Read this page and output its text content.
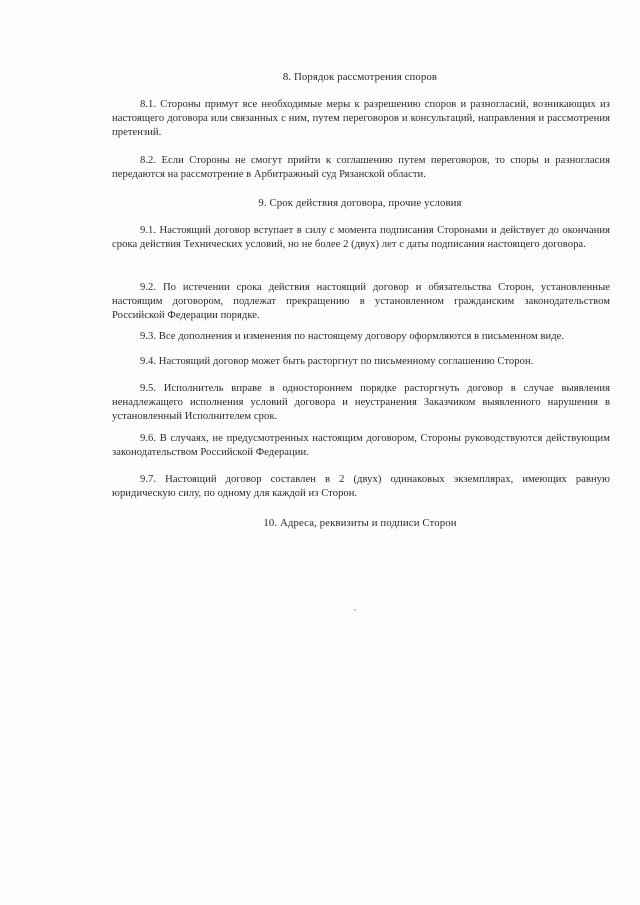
8. Порядок рассмотрения споров
8.1. Стороны примут все необходимые меры к разрешению споров и разногласий, возникающих из настоящего договора или связанных с ним, путем переговоров и консультаций, направления и рассмотрения претензий.
8.2. Если Стороны не смогут прийти к соглашению путем переговоров, то споры и разногласия передаются на рассмотрение в Арбитражный суд Рязанской области.
9. Срок действия договора, прочие условия
9.1. Настоящий договор вступает в силу с момента подписания Сторонами и действует до окончания срока действия Технических условий, но не более 2 (двух) лет с даты подписания настоящего договора.
9.2. По истечении срока действия настоящий договор и обязательства Сторон, установленные настоящим договором, подлежат прекращению в установленном гражданским законодательством Российской Федерации порядке.
9.3. Все дополнения и изменения по настоящему договору оформляются в письменном виде.
9.4. Настоящий договор может быть расторгнут по письменному соглашению Сторон.
9.5. Исполнитель вправе в одностороннем порядке расторгнуть договор в случае выявления ненадлежащего исполнения условий договора и неустранения Заказчиком выявленного нарушения в установленный Исполнителем срок.
9.6. В случаях, не предусмотренных настоящим договором, Стороны руководствуются действующим законодательством Российской Федерации.
9.7. Настоящий договор составлен в 2 (двух) одинаковых экземплярах, имеющих равную юридическую силу, по одному для каждой из Сторон.
10. Адреса, реквизиты и подписи Сторон
